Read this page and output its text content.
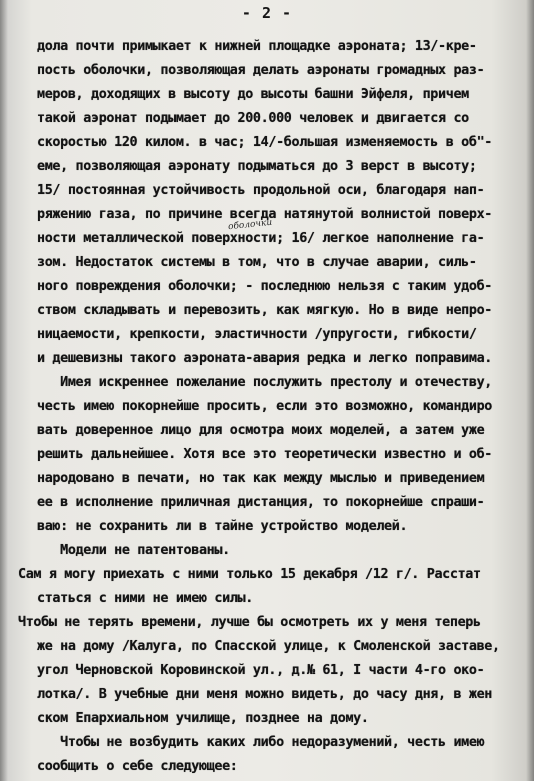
- 2 -
дола почти примыкает к нижней площадке аэроната; 13/-кре-
пость оболочки, позволяющая делать аэронаты громадных раз-
меров, доходящих в высоту до высоты башни Эйфеля, причем
такой аэронат подымает до 200.000 человек и двигается со
скоростью 120 килом. в час; 14/-большая изменяемость в об"-
еме, позволяющая аэронату подыматься до 3 верст в высоту;
15/ постоянная устойчивость продольной оси, благодаря нап-
ряжению газа, по причине всегда натянутой волнистой поверх-
ности металлической поверхности; 16/ легкое наполнение га-
зом. Недостаток системы в том, что в случае аварии, силь-
ного повреждения оболочки; - последнюю нельзя с таким удоб-
ством складывать и перевозить, как мягкую. Но в виде непро-
ницаемости, крепкости, эластичности /упругости, гибкости/
и дешевизны такого аэроната-авария редка и легко поправима.
Имея искреннее пожелание послужить престолу и отечеству,
честь имею покорнейше просить, если это возможно, командиро
вать доверенное лицо для осмотра моих моделей, а затем уже
решить дальнейшее. Хотя все это теоретически известно и об-
народовано в печати, но так как между мыслью и приведением
ее в исполнение приличная дистанция, то покорнейше спраши-
ваю: не сохранить ли в тайне устройство моделей.
Модели не патентованы.
Сам я могу приехать с ними только 15 декабря /12 г/. Расстат
статься с ними не имею силы.
Чтобы не терять времени, лучше бы осмотреть их у меня теперь
же на дому /Калуга, по Спасской улице, к Смоленской заставе,
угол Черновской Коровинской ул., д.№ 61, I части 4-го око-
лотка/. В учебные дни меня можно видеть, до часу дня, в жен
ском Епархиальном училище, позднее на дому.
Чтобы не возбудить каких либо недоразумений, честь имею
сообщить о себе следующее:
оболочки
